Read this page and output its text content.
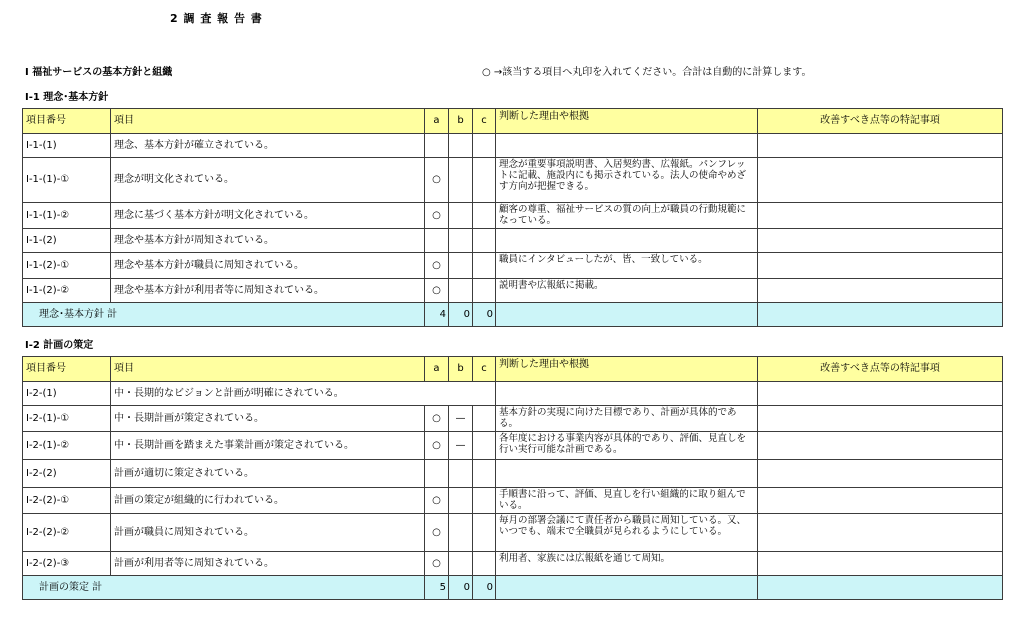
2 調 査 報 告 書
Ⅰ 福祉サービスの基本方針と組織	○ →該当する項目へ丸印を入れてください。合計は自動的に計算します。
Ⅰ-1 理念･基本方針
項目番号	項目	a	b	c	判断した理由や根拠	改善すべき点等の特記事項
Ⅰ-1-(1)	理念、基本方針が確立されている。					
Ⅰ-1-(1)-①	理念が明文化されている。	○			理念が重要事項説明書、入居契約書、広報紙。パンフレットに記載、施設内にも掲示されている。法人の使命やめざす方向が把握できる。	
Ⅰ-1-(1)-②	理念に基づく基本方針が明文化されている。	○			顧客の尊重、福祉サービスの質の向上が職員の行動規範になっている。	
Ⅰ-1-(2)	理念や基本方針が周知されている。					
Ⅰ-1-(2)-①	理念や基本方針が職員に周知されている。	○			職員にインタビューしたが、皆、一致している。	
Ⅰ-1-(2)-②	理念や基本方針が利用者等に周知されている。	○			説明書や広報紙に掲載。	
理念･基本方針 計		4	0	0		
Ⅰ-2 計画の策定
項目番号	項目	a	b	c	判断した理由や根拠	改善すべき点等の特記事項
Ⅰ-2-(1)	中・長期的なビジョンと計画が明確にされている。					
Ⅰ-2-(1)-①	中・長期計画が策定されている。	○	—		基本方針の実現に向けた目標であり、計画が具体的である。	
Ⅰ-2-(1)-②	中・長期計画を踏まえた事業計画が策定されている。	○	—		各年度における事業内容が具体的であり、評価、見直しを行い実行可能な計画である。	
Ⅰ-2-(2)	計画が適切に策定されている。					
Ⅰ-2-(2)-①	計画の策定が組織的に行われている。	○			手順書に沿って、評価、見直しを行い組織的に取り組んでいる。	
Ⅰ-2-(2)-②	計画が職員に周知されている。	○			毎月の部署会議にて責任者から職員に周知している。又、いつでも、端末で全職員が見られるようにしている。	
Ⅰ-2-(2)-③	計画が利用者等に周知されている。	○			利用者、家族には広報紙を通じて周知。	
計画の策定 計		5	0	0		
